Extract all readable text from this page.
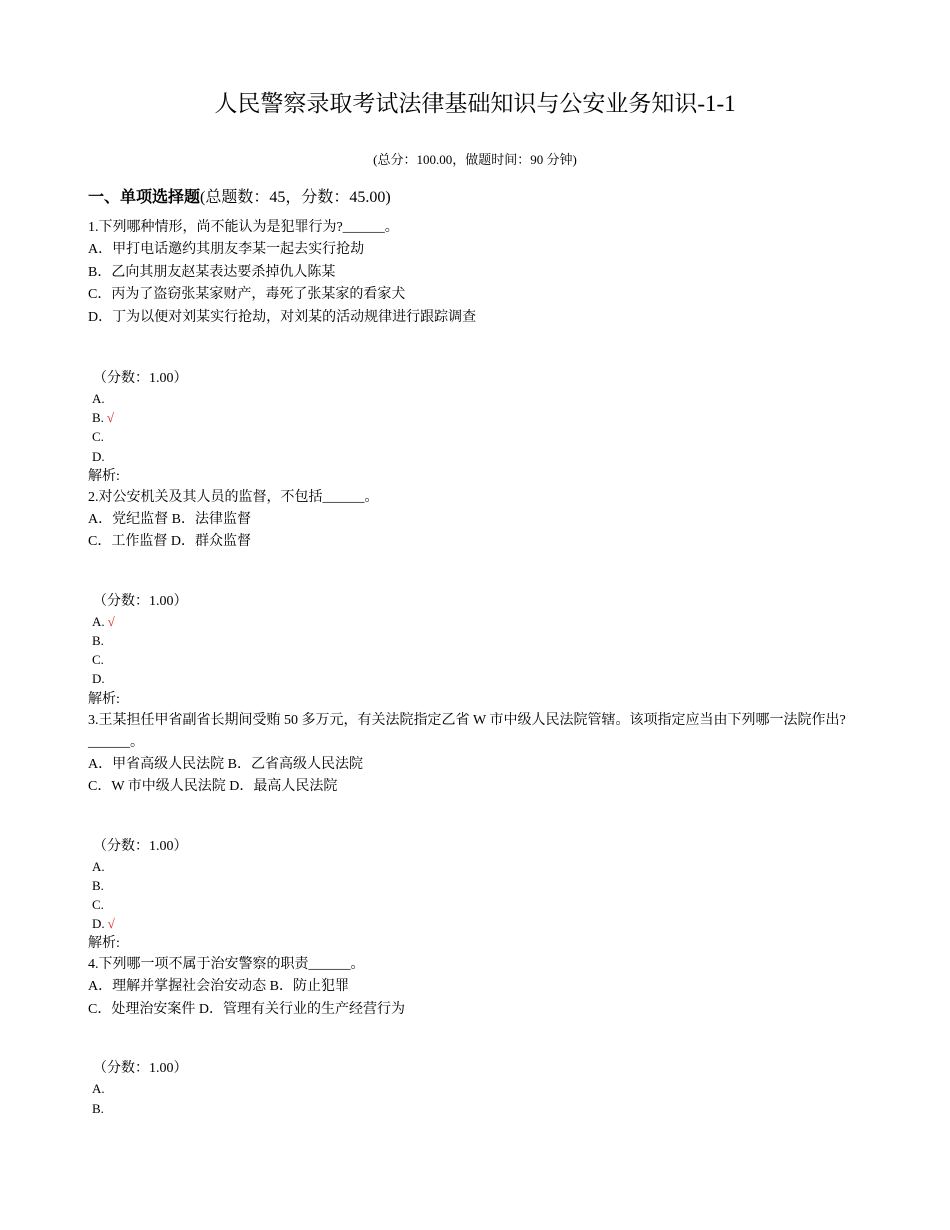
人民警察录取考试法律基础知识与公安业务知识-1-1
(总分：100.00，做题时间：90 分钟)
一、单项选择题(总题数：45，分数：45.00)
1.下列哪种情形，尚不能认为是犯罪行为?______。
A．甲打电话邀约其朋友李某一起去实行抢劫
B．乙向其朋友赵某表达要杀掉仇人陈某
C．丙为了盗窃张某家财产，毒死了张某家的看家犬
D．丁为以便对刘某实行抢劫，对刘某的活动规律进行跟踪调查
（分数：1.00）
A.
B. √
C.
D.
解析:
2.对公安机关及其人员的监督，不包括______。
A．党纪监督 B．法律监督
C．工作监督 D．群众监督
（分数：1.00）
A. √
B.
C.
D.
解析:
3.王某担任甲省副省长期间受贿 50 多万元，有关法院指定乙省 W 市中级人民法院管辖。该项指定应当由下列哪一法院作出?______。
A．甲省高级人民法院 B．乙省高级人民法院
C．W 市中级人民法院 D．最高人民法院
（分数：1.00）
A.
B.
C.
D. √
解析:
4.下列哪一项不属于治安警察的职责______。
A．理解并掌握社会治安动态 B．防止犯罪
C．处理治安案件 D．管理有关行业的生产经营行为
（分数：1.00）
A.
B.
